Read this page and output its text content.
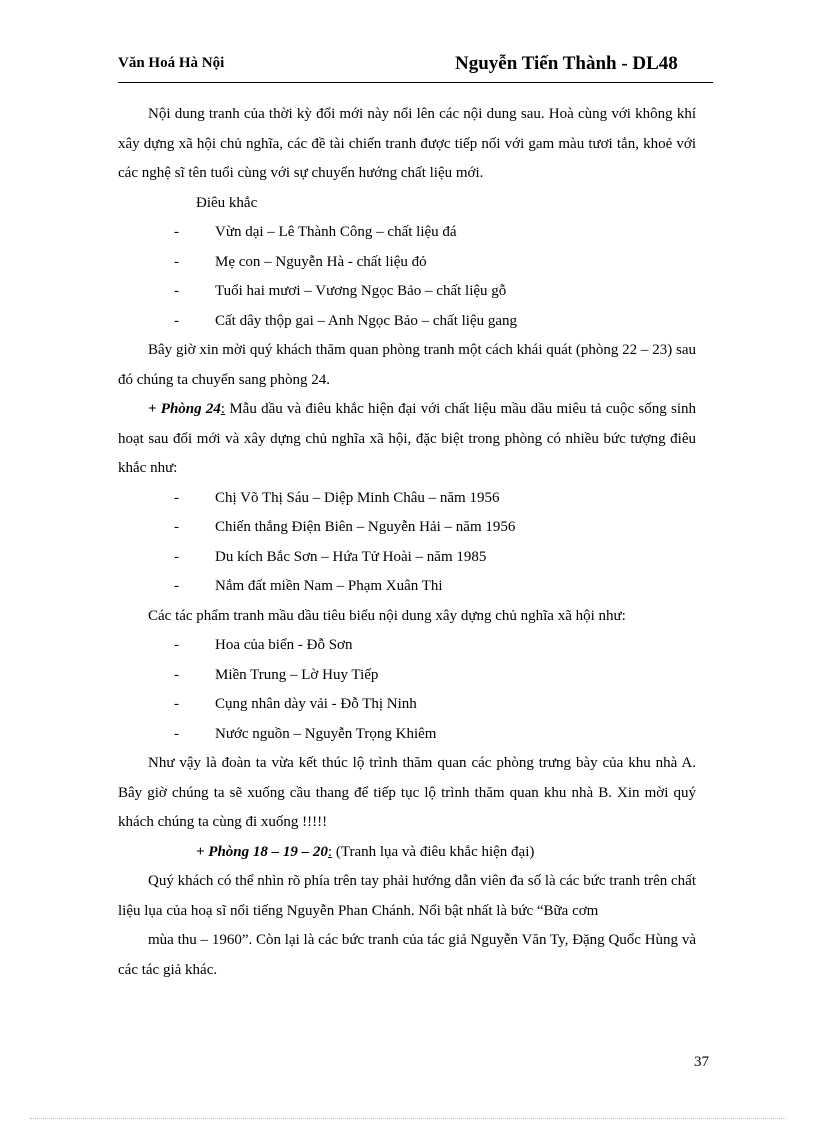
Văn Hoá Hà Nội	Nguyễn Tiến Thành - DL48

Nội dung tranh của thời kỳ đổi mới này nổi lên các nội dung sau. Hoà cùng với không khí xây dựng xã hội chủ nghĩa, các đề tài chiến tranh được tiếp nối với gam màu tươi tắn, khoẻ với các nghệ sĩ tên tuổi cùng với sự chuyển hướng chất liệu mới.

Điêu khắc

- Vừn dại – Lê Thành Công – chất liệu đá
- Mẹ con – Nguyễn Hà - chất liệu đỏ
- Tuổi hai mươi – Vương Ngọc Bảo – chất liệu gỗ
- Cất dây thộp gai – Anh Ngọc Bảo – chất liệu gang

Bây giờ xin mời quý khách thăm quan phòng tranh một cách khái quát (phòng 22 – 23) sau đó chúng ta chuyển sang phòng 24.

+ Phòng 24: Mẫu dầu và điêu khắc hiện đại với chất liệu mầu dầu miêu tả cuộc sống sinh hoạt sau đổi mới và xây dựng chủ nghĩa xã hội, đặc biệt trong phòng có nhiều bức tượng điêu khắc như:

- Chị Võ Thị Sáu – Diệp Minh Châu – năm 1956
- Chiến thắng Điện Biên – Nguyễn Hải – năm 1956
- Du kích Bắc Sơn – Hứa Tử Hoài – năm 1985
- Nắm đất miền Nam – Phạm Xuân Thi

Các tác phẩm tranh mầu dầu tiêu biểu nội dung xây dựng chủ nghĩa xã hội như:

- Hoa của biển - Đỗ Sơn
- Miền Trung – Lờ Huy Tiếp
- Cụng nhân dày vải - Đỗ Thị Ninh
- Nước nguồn – Nguyễn Trọng Khiêm

Như vậy là đoàn ta vừa kết thúc lộ trình thăm quan các phòng trưng bày của khu nhà A. Bây giờ chúng ta sẽ xuống cầu thang để tiếp tục lộ trình thăm quan khu nhà B. Xin mời quý khách chúng ta cùng đi xuống !!!!!

+ Phòng 18 – 19 – 20: (Tranh lụa và điêu khắc hiện đại)

Quý khách có thể nhìn rõ phía trên tay phải hướng dẫn viên đa số là các bức tranh trên chất liệu lụa của hoạ sĩ nổi tiếng Nguyễn Phan Chánh. Nổi bật nhất là bức “Bữa cơm

mùa thu – 1960”. Còn lại là các bức tranh của tác giả Nguyễn Văn Ty, Đặng Quốc Hùng và các tác giả khác.

37
